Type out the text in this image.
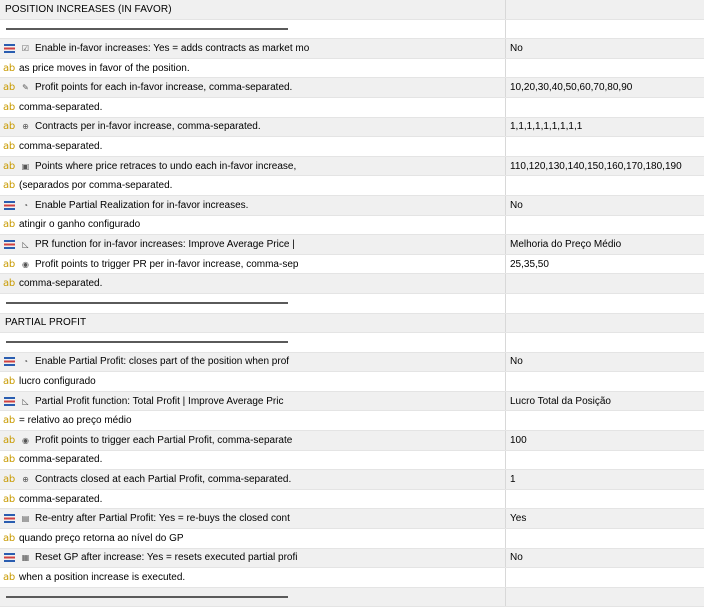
POSITION INCREASES (IN FAVOR)
☑ Enable in-favor increases: Yes = adds contracts as market mo	No
ab as price moves in favor of the position.
ab ✎ Profit points for each in-favor increase, comma-separated.	10,20,30,40,50,60,70,80,90
ab comma-separated.
ab ⊕ Contracts per in-favor increase, comma-separated.	1,1,1,1,1,1,1,1,1
ab comma-separated.
ab ▣ Points where price retraces to undo each in-favor increase,	110,120,130,140,150,160,170,180,190
ab (separados por comma-separated.
◔ Enable Partial Realization for in-favor increases.	No
ab atingir o ganho configurado
◺ PR function for in-favor increases: Improve Average Price |	Melhoria do Preço Médio
ab ◉ Profit points to trigger PR per in-favor increase, comma-sep	25,35,50
ab comma-separated.
PARTIAL PROFIT
◔ Enable Partial Profit: closes part of the position when prof	No
ab lucro configurado
◺ Partial Profit function: Total Profit | Improve Average Pric	Lucro Total da Posição
ab = relativo ao preço médio
ab ◉ Profit points to trigger each Partial Profit, comma-separate	100
ab comma-separated.
ab ⊕ Contracts closed at each Partial Profit, comma-separated.	1
ab comma-separated.
▤ Re-entry after Partial Profit: Yes = re-buys the closed cont	Yes
ab quando preço retorna ao nível do GP
▦ Reset GP after increase: Yes = resets executed partial profi	No
ab when a position increase is executed.
